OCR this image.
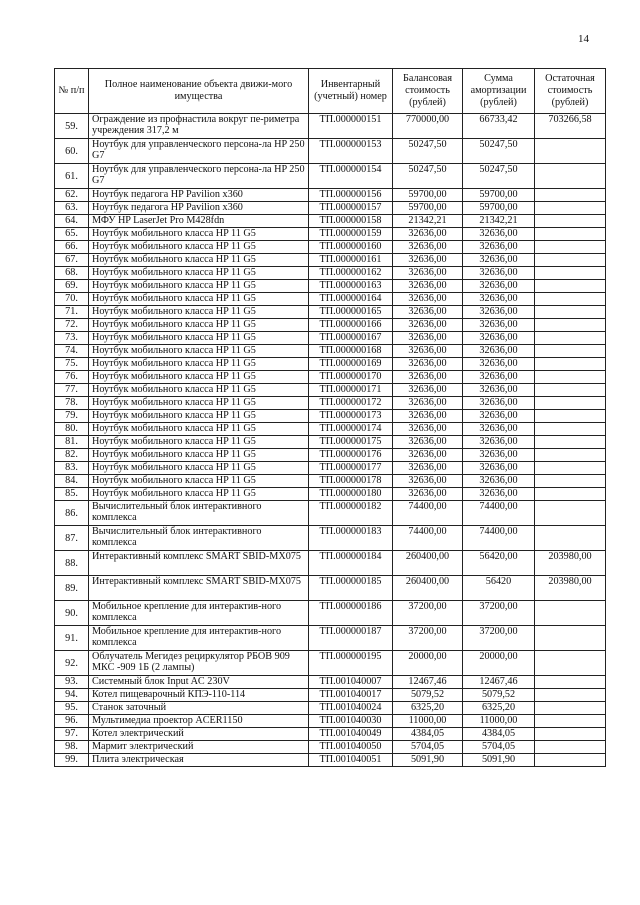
14
№ п/п	Полное наименование объекта движи-мого имущества	Инвентарный (учетный) номер	Балансовая стоимость (рублей)	Сумма амортизации (рублей)	Остаточная стоимость (рублей)
59.	Ограждение из профнастила вокруг пе-риметра учреждения 317,2 м	ТП.000000151	770000,00	66733,42	703266,58
60.	Ноутбук для управленческого персона-ла HP 250 G7	ТП.000000153	50247,50	50247,50	
61.	Ноутбук для управленческого персона-ла HP 250 G7	ТП.000000154	50247,50	50247,50	
62.	Ноутбук педагога HP Pavilion x360	ТП.000000156	59700,00	59700,00	
63.	Ноутбук педагога HP Pavilion x360	ТП.000000157	59700,00	59700,00	
64.	МФУ HP LaserJet Pro M428fdn	ТП.000000158	21342,21	21342,21	
65.	Ноутбук мобильного класса HP 11 G5	ТП.000000159	32636,00	32636,00	
66.	Ноутбук мобильного класса HP 11 G5	ТП.000000160	32636,00	32636,00	
67.	Ноутбук мобильного класса HP 11 G5	ТП.000000161	32636,00	32636,00	
68.	Ноутбук мобильного класса HP 11 G5	ТП.000000162	32636,00	32636,00	
69.	Ноутбук мобильного класса HP 11 G5	ТП.000000163	32636,00	32636,00	
70.	Ноутбук мобильного класса HP 11 G5	ТП.000000164	32636,00	32636,00	
71.	Ноутбук мобильного класса HP 11 G5	ТП.000000165	32636,00	32636,00	
72.	Ноутбук мобильного класса HP 11 G5	ТП.000000166	32636,00	32636,00	
73.	Ноутбук мобильного класса HP 11 G5	ТП.000000167	32636,00	32636,00	
74.	Ноутбук мобильного класса HP 11 G5	ТП.000000168	32636,00	32636,00	
75.	Ноутбук мобильного класса HP 11 G5	ТП.000000169	32636,00	32636,00	
76.	Ноутбук мобильного класса HP 11 G5	ТП.000000170	32636,00	32636,00	
77.	Ноутбук мобильного класса HP 11 G5	ТП.000000171	32636,00	32636,00	
78.	Ноутбук мобильного класса HP 11 G5	ТП.000000172	32636,00	32636,00	
79.	Ноутбук мобильного класса HP 11 G5	ТП.000000173	32636,00	32636,00	
80.	Ноутбук мобильного класса HP 11 G5	ТП.000000174	32636,00	32636,00	
81.	Ноутбук мобильного класса HP 11 G5	ТП.000000175	32636,00	32636,00	
82.	Ноутбук мобильного класса HP 11 G5	ТП.000000176	32636,00	32636,00	
83.	Ноутбук мобильного класса HP 11 G5	ТП.000000177	32636,00	32636,00	
84.	Ноутбук мобильного класса HP 11 G5	ТП.000000178	32636,00	32636,00	
85.	Ноутбук мобильного класса HP 11 G5	ТП.000000180	32636,00	32636,00	
86.	Вычислительный блок интерактивного комплекса	ТП.000000182	74400,00	74400,00	
87.	Вычислительный блок интерактивного комплекса	ТП.000000183	74400,00	74400,00	
88.	Интерактивный комплекс SMART SBID-MX075	ТП.000000184	260400,00	56420,00	203980,00
89.	Интерактивный комплекс SMART SBID-MX075	ТП.000000185	260400,00	56420	203980,00
90.	Мобильное крепление для интерактив-ного комплекса	ТП.000000186	37200,00	37200,00	
91.	Мобильное крепление для интерактив-ного комплекса	ТП.000000187	37200,00	37200,00	
92.	Облучатель Мегидез рециркулятор РБОВ 909 МКС -909 1Б (2 лампы)	ТП.000000195	20000,00	20000,00	
93.	Системный блок Input AC 230V	ТП.001040007	12467,46	12467,46	
94.	Котел пищеварочный КПЭ-110-114	ТП.001040017	5079,52	5079,52	
95.	Станок заточный	ТП.001040024	6325,20	6325,20	
96.	Мультимедиа проектор ACER1150	ТП.001040030	11000,00	11000,00	
97.	Котел электрический	ТП.001040049	4384,05	4384,05	
98.	Мармит электрический	ТП.001040050	5704,05	5704,05	
99.	Плита электрическая	ТП.001040051	5091,90	5091,90	
